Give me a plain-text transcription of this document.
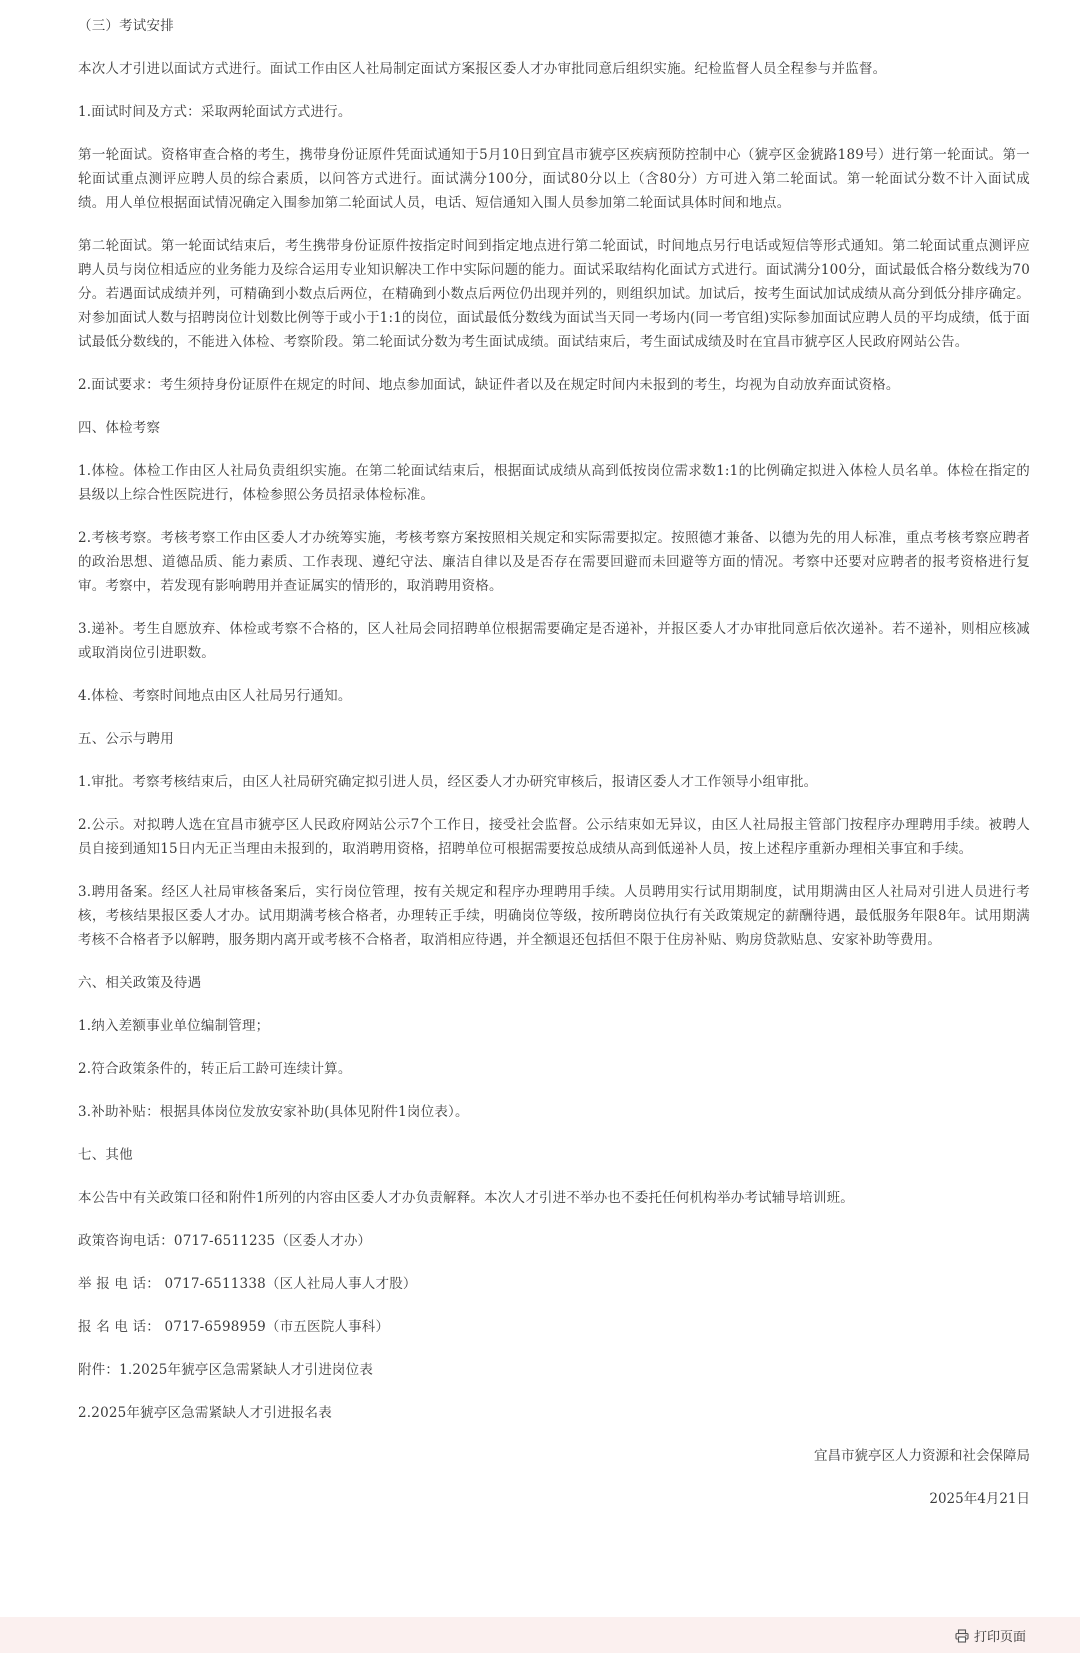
（三）考试安排

本次人才引进以面试方式进行。面试工作由区人社局制定面试方案报区委人才办审批同意后组织实施。纪检监督人员全程参与并监督。

1.面试时间及方式：采取两轮面试方式进行。

第一轮面试。资格审查合格的考生，携带身份证原件凭面试通知于5月10日到宜昌市猇亭区疾病预防控制中心（猇亭区金猇路189号）进行第一轮面试。第一轮面试重点测评应聘人员的综合素质，以问答方式进行。面试满分100分，面试80分以上（含80分）方可进入第二轮面试。第一轮面试分数不计入面试成绩。用人单位根据面试情况确定入围参加第二轮面试人员，电话、短信通知入围人员参加第二轮面试具体时间和地点。

第二轮面试。第一轮面试结束后，考生携带身份证原件按指定时间到指定地点进行第二轮面试，时间地点另行电话或短信等形式通知。第二轮面试重点测评应聘人员与岗位相适应的业务能力及综合运用专业知识解决工作中实际问题的能力。面试采取结构化面试方式进行。面试满分100分，面试最低合格分数线为70分。若遇面试成绩并列，可精确到小数点后两位，在精确到小数点后两位仍出现并列的，则组织加试。加试后，按考生面试加试成绩从高分到低分排序确定。对参加面试人数与招聘岗位计划数比例等于或小于1:1的岗位，面试最低分数线为面试当天同一考场内(同一考官组)实际参加面试应聘人员的平均成绩，低于面试最低分数线的，不能进入体检、考察阶段。第二轮面试分数为考生面试成绩。面试结束后，考生面试成绩及时在宜昌市猇亭区人民政府网站公告。

2.面试要求：考生须持身份证原件在规定的时间、地点参加面试，缺证件者以及在规定时间内未报到的考生，均视为自动放弃面试资格。

四、体检考察

1.体检。体检工作由区人社局负责组织实施。在第二轮面试结束后，根据面试成绩从高到低按岗位需求数1:1的比例确定拟进入体检人员名单。体检在指定的县级以上综合性医院进行，体检参照公务员招录体检标准。

2.考核考察。考核考察工作由区委人才办统筹实施，考核考察方案按照相关规定和实际需要拟定。按照德才兼备、以德为先的用人标准，重点考核考察应聘者的政治思想、道德品质、能力素质、工作表现、遵纪守法、廉洁自律以及是否存在需要回避而未回避等方面的情况。考察中还要对应聘者的报考资格进行复审。考察中，若发现有影响聘用并查证属实的情形的，取消聘用资格。

3.递补。考生自愿放弃、体检或考察不合格的，区人社局会同招聘单位根据需要确定是否递补，并报区委人才办审批同意后依次递补。若不递补，则相应核减或取消岗位引进职数。

4.体检、考察时间地点由区人社局另行通知。

五、公示与聘用

1.审批。考察考核结束后，由区人社局研究确定拟引进人员，经区委人才办研究审核后，报请区委人才工作领导小组审批。

2.公示。对拟聘人选在宜昌市猇亭区人民政府网站公示7个工作日，接受社会监督。公示结束如无异议，由区人社局报主管部门按程序办理聘用手续。被聘人员自接到通知15日内无正当理由未报到的，取消聘用资格，招聘单位可根据需要按总成绩从高到低递补人员，按上述程序重新办理相关事宜和手续。

3.聘用备案。经区人社局审核备案后，实行岗位管理，按有关规定和程序办理聘用手续。人员聘用实行试用期制度，试用期满由区人社局对引进人员进行考核，考核结果报区委人才办。试用期满考核合格者，办理转正手续，明确岗位等级，按所聘岗位执行有关政策规定的薪酬待遇，最低服务年限8年。试用期满考核不合格者予以解聘，服务期内离开或考核不合格者，取消相应待遇，并全额退还包括但不限于住房补贴、购房贷款贴息、安家补助等费用。

六、相关政策及待遇

1.纳入差额事业单位编制管理；

2.符合政策条件的，转正后工龄可连续计算。

3.补助补贴：根据具体岗位发放安家补助(具体见附件1岗位表）。

七、其他

本公告中有关政策口径和附件1所列的内容由区委人才办负责解释。本次人才引进不举办也不委托任何机构举办考试辅导培训班。

政策咨询电话：0717-6511235（区委人才办）

举 报 电 话： 0717-6511338（区人社局人事人才股）

报 名 电 话： 0717-6598959（市五医院人事科）

附件：1.2025年猇亭区急需紧缺人才引进岗位表

2.2025年猇亭区急需紧缺人才引进报名表

宜昌市猇亭区人力资源和社会保障局

2025年4月21日

打印页面
